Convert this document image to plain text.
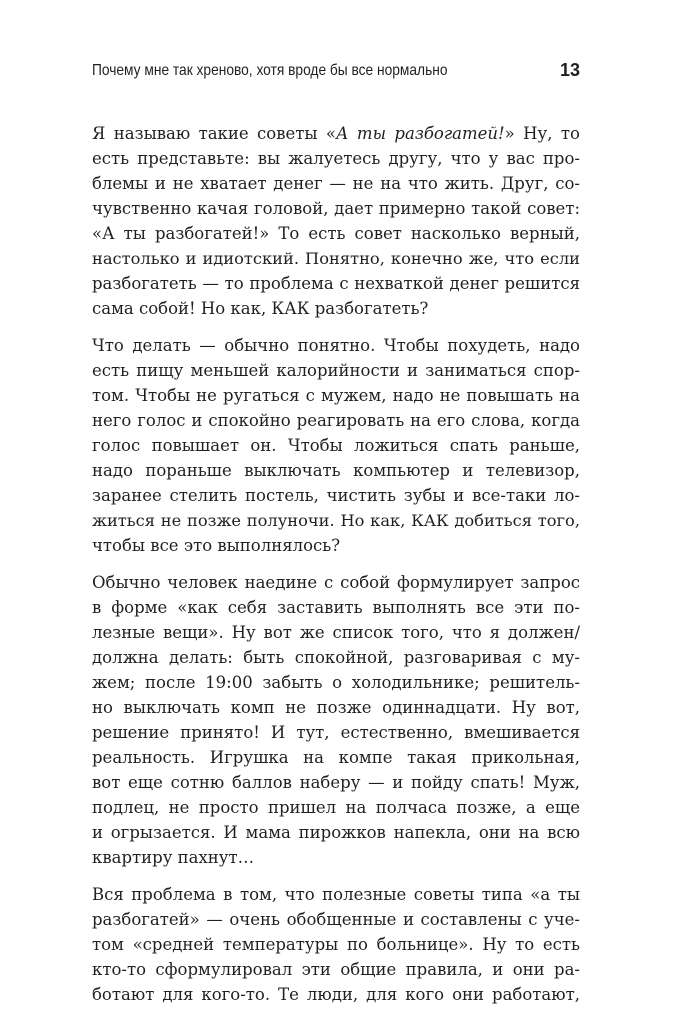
Почему мне так хреново, хотя вроде бы все нормально	13
Я называю такие советы «А ты разбогатей!» Ну, то
есть представьте: вы жалуетесь другу, что у вас про-
блемы и не хватает денег — не на что жить. Друг, со-
чувственно качая головой, дает примерно такой совет:
«А ты разбогатей!» То есть совет насколько верный,
настолько и идиотский. Понятно, конечно же, что если
разбогатеть — то проблема с нехваткой денег решится
сама собой! Но как, КАК разбогатеть?
Что делать — обычно понятно. Чтобы похудеть, надо
есть пищу меньшей калорийности и заниматься спор-
том. Чтобы не ругаться с мужем, надо не повышать на
него голос и спокойно реагировать на его слова, когда
голос повышает он. Чтобы ложиться спать раньше,
надо пораньше выключать компьютер и телевизор,
заранее стелить постель, чистить зубы и все-таки ло-
житься не позже полуночи. Но как, КАК добиться того,
чтобы все это выполнялось?
Обычно человек наедине с собой формулирует запрос
в форме «как себя заставить выполнять все эти по-
лезные вещи». Ну вот же список того, что я должен/
должна делать: быть спокойной, разговаривая с му-
жем; после 19:00 забыть о холодильнике; решитель-
но выключать комп не позже одиннадцати. Ну вот,
решение принято! И тут, естественно, вмешивается
реальность. Игрушка на компе такая прикольная,
вот еще сотню баллов наберу — и пойду спать! Муж,
подлец, не просто пришел на полчаса позже, а еще
и огрызается. И мама пирожков напекла, они на всю
квартиру пахнут…
Вся проблема в том, что полезные советы типа «а ты
разбогатей» — очень обобщенные и составлены с уче-
том «средней температуры по больнице». Ну то есть
кто-то сформулировал эти общие правила, и они ра-
ботают для кого-то. Те люди, для кого они работают,
